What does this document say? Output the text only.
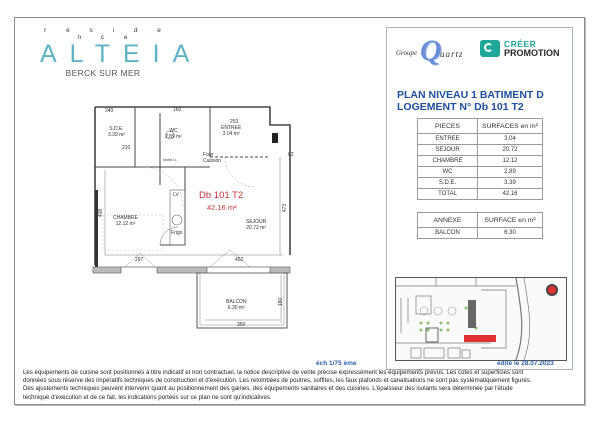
r é s i d e n c e
ALTEIA
BERCK SUR MER
S.D.E.
3.39 m²
WC
2.89 m²
ENTREE
3.04 m²
CHAMBRE
12.12 m²	SEJOUR
20.72 m²
BALCON
6.30 m²
Four
Cuisson
LV
Frigo
sèche LL
240	160
253
210
408
473
297	452
350
180
62
Db 101 T2
42.16 m²
éch 1/75 ème
Groupe Q
uartz
CRÉER
PROMOTION
PLAN NIVEAU 1 BATIMENT D
LOGEMENT N° Db 101 T2
PIECES	SURFACES en m²
ENTREE	3.04
SEJOUR	20.72
CHAMBRE	12.12
WC	2.89
S.D.E.	3.39
TOTAL	42.16
ANNEXE	SURFACE en m²
BALCON	6.30
édité le 28.07.2023
Les équipements de cuisine sont positionnés à titre indicatif et non contractuel, la notice descriptive de vente précise expressément les équipements prévus. Les cotes et superficies sont
données sous réserve des impératifs techniques de construction et d'exécution. Les retombées de poutres, soffites, les faux plafonds et canalisations ne sont pas systématiquement figurés.
Des ajustements techniques peuvent intervenir quant au positionnement des gaines, des équipements sanitaires et des cuisines. L'épaisseur des isolants sera déterminée par l'étude
technique d'exécution et de ce fait, les indications portées sur ce plan ne sont qu'indicatives.
